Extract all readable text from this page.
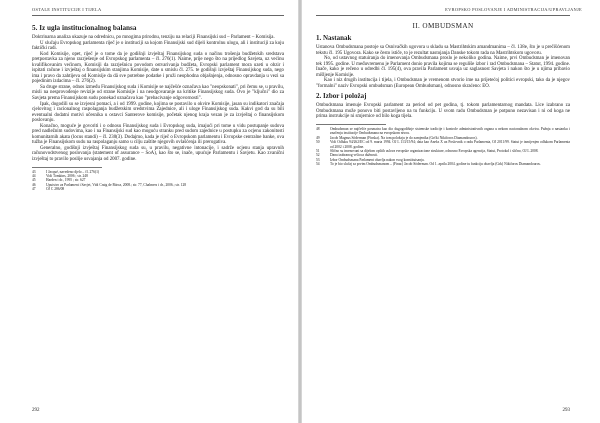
OSTALE INSTITUCIJE I TIJELA
5. Iz ugla institucionalnog balansa

Doktrinarna analiza ukazuje na odrednicu, po mnogima prirodnu, tenziju na relaciji Finansijski sud – Parlament – Komisija.

U slučaju Evropskog parlamenta riječ je o instituciji sa kojom Finansijski sud dijeli kontrolnu ulogu, ali i instituciji za koju faktički radi.

Kod Komisije, opet, riječ je o tome da je godišnji izvještaj Finansijskog suda o načinu trošenja budžetskih sredstava pretpostavka za njeno razrješenje od Evropskog parlamenta – čl. 276(1). Naime, prije nego što na prijedlog Savjeta, uz većinu kvalifikovanim većinom, Komisiji da razrješnicu povodom ostvarivanja budžeta, Evropski parlament mora uzeti u obzir i ispitati račune i izvještaj o finansijskim stanjima Komisije, date u smislu čl. 275. te godišnji izvještaj Finansijskog suda, nego ima i pravo da zahtijeva od Komisije da dâ sve potrebne podatke i pruži neophodna objašnjenja, odnosno opravdanja u vezi sa pojedinim izdacima – čl. 276(2).

Sa druge strane, odnos između Finansijskog suda i Komisije se najčešće označava kao "neopskonati", pri čemu se, u pravilu, misli na nesprovođenje revizije od strane Komisije i na neodgovaranje na kritike Finansijskog suda. Ovo je "ključni" dio za Savjeta prema Finansijskom sudu ponekad označava kao "prebacivanje odgovornosti".

Ipak, dogodili su se izvjesni pomaci, a i od 1999. godine, kojima se postavilo u okvire Komisije, jasan su indikatori značaja cjelovitog i racionalnog raspolaganja budžetskim sredstvima Zajednice, ali i uloge Finansijskog suda. Kakvi god da su bili eventualni dodatni motivi učesnika u ostavci Santerove komisije, početak njenog kraja vezan je za izvještaj o finansijskom poslovanju.

Konačno, moguće je govoriti i o odnosu Finansijskog suda i Evropskog suda, imajući pri tome u vidu postupanje sudova pred nadležnim sudovima, kao i na Finansijski sud kao moguću stranku pred sudom zajednice u postupku za ocjenu zakonitosti komunitarnih akata (locus standi) – čl. 230(3). Dodajmo, kada je riječ o Evropskom parlamentu i Evropske centralne banke, ova tužba je Finansijskom sudu na raspolaganju samo u cilju zaštite njegovih ovlašćenja ili prerogativa.

Generalno, godišnji izvještaj Finansijskog suda su, u pravilu, negativne intonacije, i sadrže ocjenu stanja upravnih računovodstvenog poslovanja (statement of assurance – SoA), kao što se, inače, upućuje Parlamentu i Savjetu. Kao zvanični izvještaj to pravilo poslije usvajanja od 2007. godine.

43	I Jacqué, navedeno djelo – čl. 276(1)
44	Vidi Tomkins, 2006 ; str. 248
45	Harden i dr., 1995 ; str. 627
46	Uputstvo za Parlament i Savjet, Vidi Craig de Búrca, 2008.; str. 77, Chalmers i dr., 2006.; str. 128
47	OJ C 286/08
292
EVROPSKO POSLOVANJE I ADMINISTRACIJA/UPRAVLJANJE
II. OMBUDSMAN
1. Nastanak

Ustanova Ombudsmana postoje sa Osnivačkih ugovora u skladu sa Mastrihtskim amandmanima – čl. 138e, što je u prečišćenom tekstu čl. 195 Ugovora. Kako se često ističe, to je rezultat nastojanja Danske tokom rada na Mastrihtskom ugovoru.

No, od ustavnog statuiranja do imenovanja Ombudsmana proslo je nekoliko godina. Naime, prvi Ombudsman je imenovan tek 1995. godine. U međuvremenu je Parlament donio pravila kojima se reguliše izbor i rad Ombudsmana – Statut, 1994. godine. Inače, kako je rečeno u odredbi čl. 195(4), ova pravila Parlament usvaja uz saglasnost Savjeta i nakon što je u njima pribavio mišljenje Komisije.

Kao i niz drugih institucija i tijela, i Ombudsman je vremenom stvorio ime na prijetećoj politici evropski, tako da je njegov "formalni" naziv Evropski ombudsman (European Ombudsman), odnosno skraćeno: EO.

2. Izbor i položaj

Ombudsmana imenuje Evropski parlament za period od pet godina, tj. tokom parlamentarnog mandata. Lice izabrano za Ombudsmana može ponovo biti postavljeno na tu funkciju. U svom radu Ombudsman je potpuno nezavisan i ni od koga ne prima instrukcije ni smjernice od bilo koga tijela.

48	Ombudsman se najčešće posmatra kao dio dugogodišnje sistemske tradicije i kontrole administrativnih organa u nekom nacionalnom okviru. Pažnja o nastanku i značenju institucije Ombudsmana na evropskom nivou.
49	Jacob Magnus Söderman (Finska). Na tom položaju je do zamjenika (Grčki Nikiforos Diamandouros).
50	Vidi Odluku 94/262/EC od 9. marta 1994. OJ L 113/15/94; data kao Aneks X uz Poslovnik o radu Parlamenta, OJ 2011/99. Statut je izmijenjen odlukom Parlamenta od 2002 i 2008. godine.
51	Slično su imenovani sa dijelom opštih uslova evropske organizacione strukture, odnosno Evropska agencija, Statut, Protokol i slično, OJ L 2008.
52	Dana izabranog vršioca dužnosti.
53	Izbor Ombudsmana Parlament obavlja nakon svog konstituisanja.
54	To je bio slučaj sa prvim Ombudsmanom – (Finac) Jacob Söderman. Od 1. aprila 2004. godine tu funkciju obavlja (Grk) Nikiforos Diamandouros.
293
